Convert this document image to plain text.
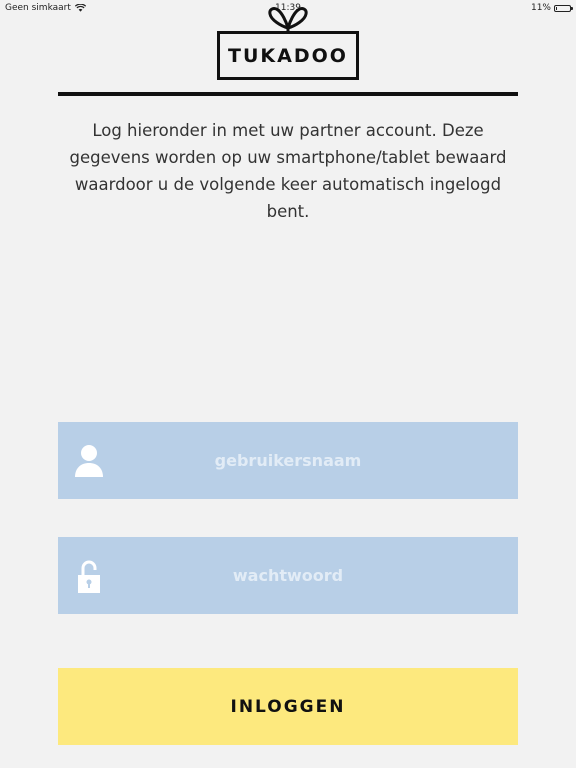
Geen simkaart	11:39	11%
TUKADOO
Log hieronder in met uw partner account. Deze gegevens worden op uw smartphone/tablet bewaard waardoor u de volgende keer automatisch ingelogd bent.
gebruikersnaam
INLOGGEN
